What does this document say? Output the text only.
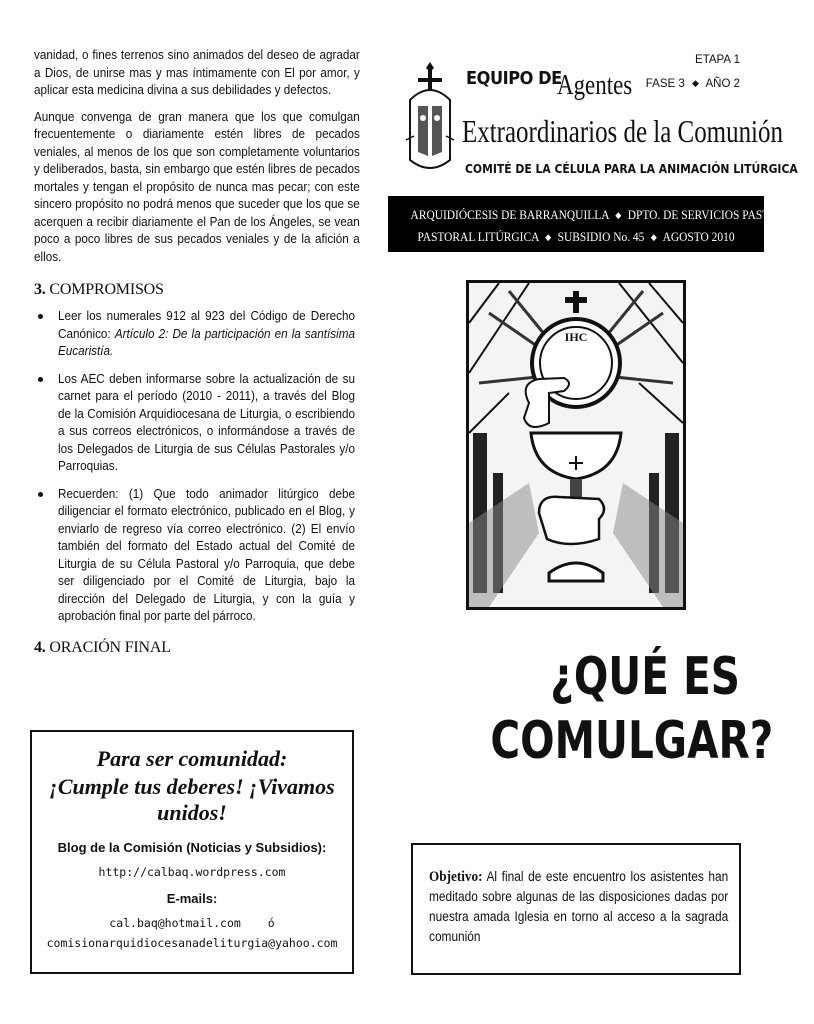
vanidad, o fines terrenos sino animados del deseo de agradar a Dios, de unirse mas y mas íntimamente con El por amor, y aplicar esta medicina divina a sus debilidades y defectos.

Aunque convenga de gran manera que los que comulgan frecuentemente o diariamente estén libres de pecados veniales, al menos de los que son completamente voluntarios y deliberados, basta, sin embargo que estén libres de pecados mortales y tengan el propósito de nunca mas pecar; con este sincero propósito no podrá menos que suceder que los que se acerquen a recibir diariamente el Pan de los Ángeles, se vean poco a poco libres de sus pecados veniales y de la afición a ellos.

3. COMPROMISOS
Leer los numerales 912 al 923 del Código de Derecho Canónico: Artículo 2: De la participación en la santísima Eucaristía.
Los AEC deben informarse sobre la actualización de su carnet para el período (2010 - 2011), a través del Blog de la Comisión Arquidiocesana de Liturgia, o escribiendo a sus correos electrónicos, o informándose a través de los Delegados de Liturgia de sus Células Pastorales y/o Parroquias.
Recuerden: (1) Que todo animador litúrgico debe diligenciar el formato electrónico, publicado en el Blog, y enviarlo de regreso vía correo electrónico. (2) El envío también del formato del Estado actual del Comité de Liturgia de su Célula Pastoral y/o Parroquia, que debe ser diligenciado por el Comité de Liturgia, bajo la dirección del Delegado de Liturgia, y con la guía y aprobación final por parte del párroco.
4. ORACIÓN FINAL
Para ser comunidad:
¡Cumple tus deberes! ¡Vivamos unidos!
Blog de la Comisión (Noticias y Subsidios):
http://calbaq.wordpress.com
E-mails:
cal.baq@hotmail.com ó
comisionarquidiocesanadeliturgia@yahoo.com
ETAPA 1
FASE 3 ◆ AÑO 2
EQUIPO DE
Agentes
Extraordinarios de la Comunión
COMITÉ DE LA CÉLULA PARA LA ANIMACIÓN LITÚRGICA
ARQUIDIÓCESIS DE BARRANQUILLA ◆ DPTO. DE SERVICIOS PASTORALES
PASTORAL LITÚRGICA ◆ SUBSIDIO No. 45 ◆ AGOSTO 2010
IHC
¿QUÉ ES
COMULGAR?
Objetivo: Al final de este encuentro los asistentes han meditado sobre algunas de las disposiciones dadas por nuestra amada Iglesia en torno al acceso a la sagrada comunión
